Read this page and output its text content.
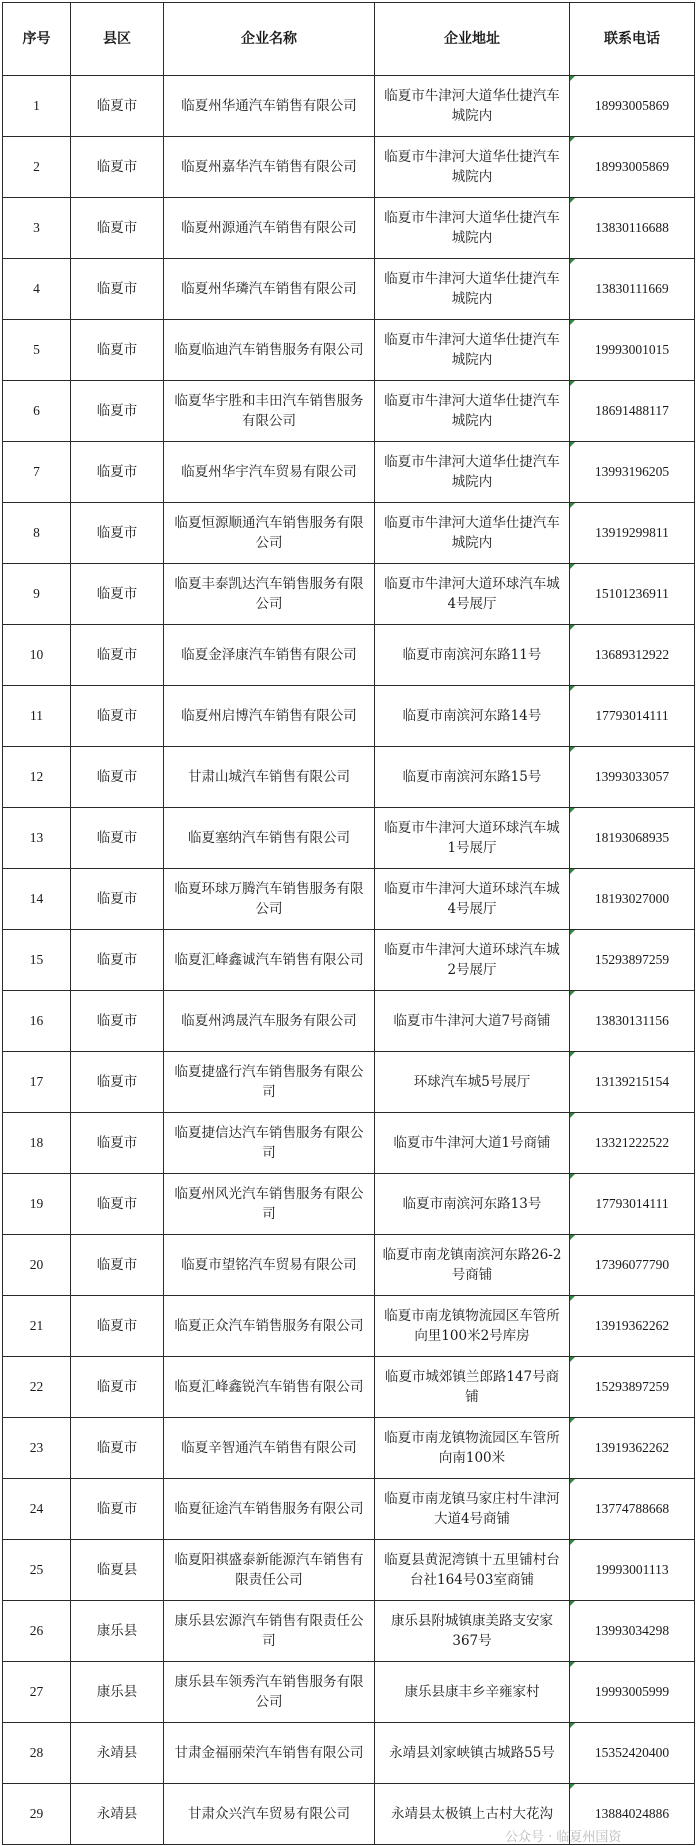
序号	县区	企业名称	企业地址	联系电话
1	临夏市	临夏州华通汽车销售有限公司	临夏市牛津河大道华仕捷汽车城院内	18993005869
2	临夏市	临夏州嘉华汽车销售有限公司	临夏市牛津河大道华仕捷汽车城院内	18993005869
3	临夏市	临夏州源通汽车销售有限公司	临夏市牛津河大道华仕捷汽车城院内	13830116688
4	临夏市	临夏州华璘汽车销售有限公司	临夏市牛津河大道华仕捷汽车城院内	13830111669
5	临夏市	临夏临迪汽车销售服务有限公司	临夏市牛津河大道华仕捷汽车城院内	19993001015
6	临夏市	临夏华宇胜和丰田汽车销售服务有限公司	临夏市牛津河大道华仕捷汽车城院内	18691488117
7	临夏市	临夏州华宇汽车贸易有限公司	临夏市牛津河大道华仕捷汽车城院内	13993196205
8	临夏市	临夏恒源顺通汽车销售服务有限公司	临夏市牛津河大道华仕捷汽车城院内	13919299811
9	临夏市	临夏丰泰凯达汽车销售服务有限公司	临夏市牛津河大道环球汽车城4号展厅	15101236911
10	临夏市	临夏金泽康汽车销售有限公司	临夏市南滨河东路11号	13689312922
11	临夏市	临夏州启博汽车销售有限公司	临夏市南滨河东路14号	17793014111
12	临夏市	甘肃山城汽车销售有限公司	临夏市南滨河东路15号	13993033057
13	临夏市	临夏塞纳汽车销售有限公司	临夏市牛津河大道环球汽车城1号展厅	18193068935
14	临夏市	临夏环球万腾汽车销售服务有限公司	临夏市牛津河大道环球汽车城4号展厅	18193027000
15	临夏市	临夏汇峰鑫诚汽车销售有限公司	临夏市牛津河大道环球汽车城2号展厅	15293897259
16	临夏市	临夏州鸿晟汽车服务有限公司	临夏市牛津河大道7号商铺	13830131156
17	临夏市	临夏捷盛行汽车销售服务有限公司	环球汽车城5号展厅	13139215154
18	临夏市	临夏捷信达汽车销售服务有限公司	临夏市牛津河大道1号商铺	13321222522
19	临夏市	临夏州风光汽车销售服务有限公司	临夏市南滨河东路13号	17793014111
20	临夏市	临夏市望铭汽车贸易有限公司	临夏市南龙镇南滨河东路26-2号商铺	17396077790
21	临夏市	临夏正众汽车销售服务有限公司	临夏市南龙镇物流园区车管所向里100米2号库房	13919362262
22	临夏市	临夏汇峰鑫锐汽车销售有限公司	临夏市城郊镇兰郎路147号商铺	15293897259
23	临夏市	临夏辛智通汽车销售有限公司	临夏市南龙镇物流园区车管所向南100米	13919362262
24	临夏市	临夏征途汽车销售服务有限公司	临夏市南龙镇马家庄村牛津河大道4号商铺	13774788668
25	临夏县	临夏阳祺盛泰新能源汽车销售有限责任公司	临夏县黄泥湾镇十五里铺村台台社164号03室商铺	19993001113
26	康乐县	康乐县宏源汽车销售有限责任公司	康乐县附城镇康美路支安家367号	13993034298
27	康乐县	康乐县车领秀汽车销售服务有限公司	康乐县康丰乡辛雍家村	19993005999
28	永靖县	甘肃金福丽荣汽车销售有限公司	永靖县刘家峡镇古城路55号	15352420400
29	永靖县	甘肃众兴汽车贸易有限公司	永靖县太极镇上古村大花沟	13884024886
公众号 · 临夏州国资
